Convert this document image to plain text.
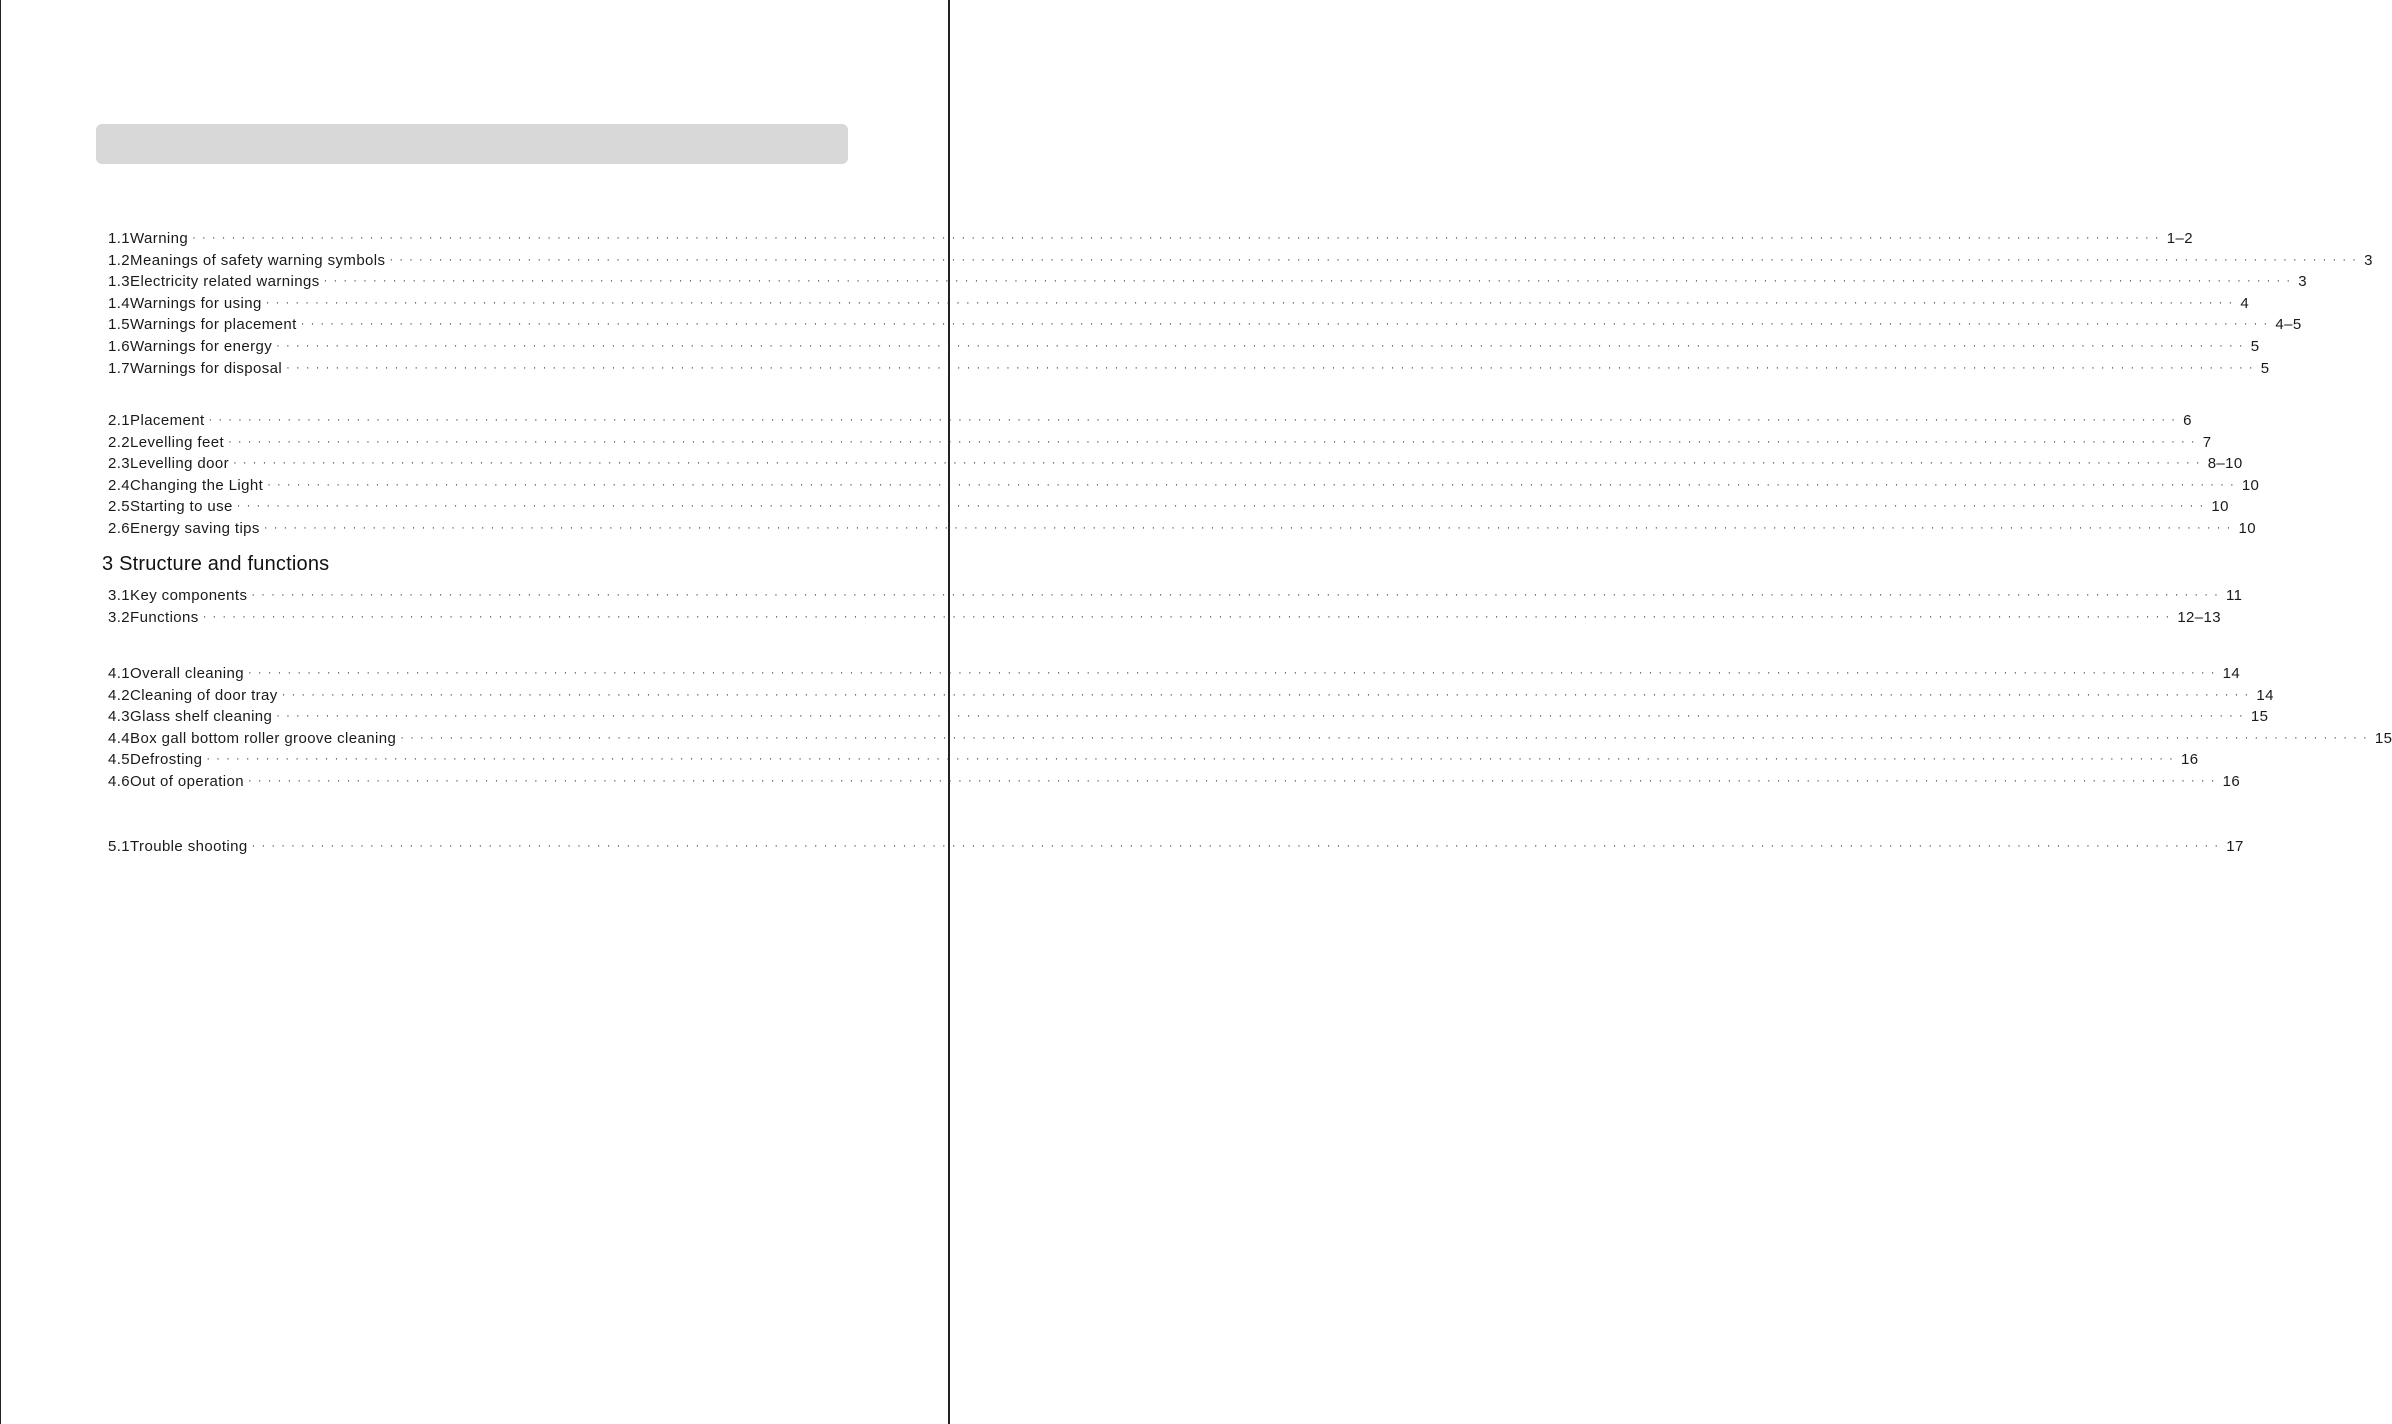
1.1Warning ········································································································································································································ 1–2
1.2Meanings of safety warning symbols ········································································································································································································ 3
1.3Electricity related warnings ········································································································································································································ 3
1.4Warnings for using ········································································································································································································ 4
1.5Warnings for placement ········································································································································································································ 4–5
1.6Warnings for energy ········································································································································································································ 5
1.7Warnings for disposal ········································································································································································································ 5
2.1Placement ········································································································································································································ 6
2.2Levelling feet ········································································································································································································ 7
2.3Levelling door ········································································································································································································ 8–10
2.4Changing the Light ········································································································································································································ 10
2.5Starting to use ········································································································································································································ 10
2.6Energy saving tips ········································································································································································································ 10
3 Structure and functions
3.1Key components ········································································································································································································ 11
3.2Functions ········································································································································································································ 12–13
4.1Overall cleaning ········································································································································································································ 14
4.2Cleaning of door tray ········································································································································································································ 14
4.3Glass shelf cleaning ········································································································································································································ 15
4.4Box gall bottom roller groove cleaning ········································································································································································································ 15
4.5Defrosting ········································································································································································································ 16
4.6Out of operation ········································································································································································································ 16
5.1Trouble shooting ········································································································································································································ 17
